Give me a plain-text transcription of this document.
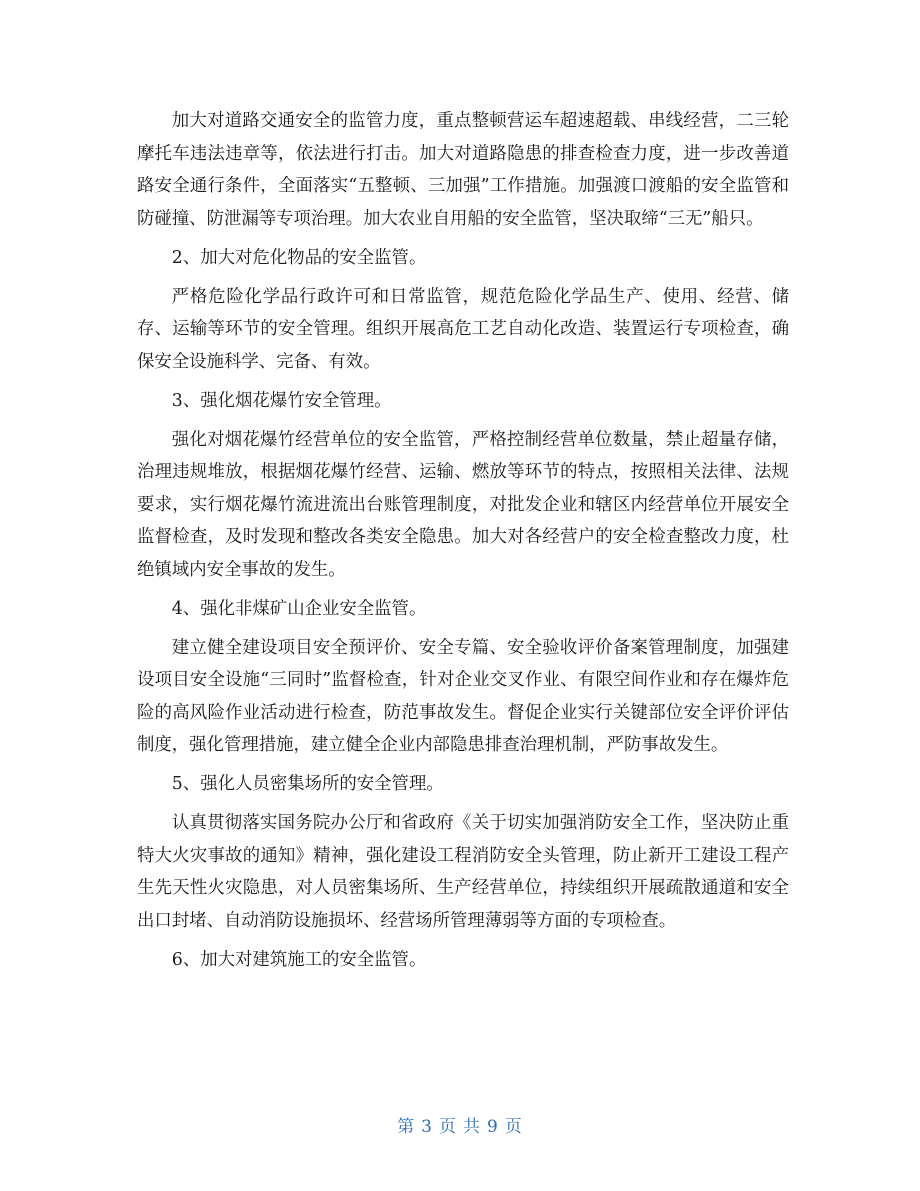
加大对道路交通安全的监管力度，重点整顿营运车超速超载、串线经营，二三轮摩托车违法违章等，依法进行打击。加大对道路隐患的排查检查力度，进一步改善道路安全通行条件，全面落实“五整顿、三加强”工作措施。加强渡口渡船的安全监管和防碰撞、防泄漏等专项治理。加大农业自用船的安全监管，坚决取缔“三无”船只。

2、加大对危化物品的安全监管。

严格危险化学品行政许可和日常监管，规范危险化学品生产、使用、经营、储存、运输等环节的安全管理。组织开展高危工艺自动化改造、装置运行专项检查，确保安全设施科学、完备、有效。

3、强化烟花爆竹安全管理。

强化对烟花爆竹经营单位的安全监管，严格控制经营单位数量，禁止超量存储，治理违规堆放，根据烟花爆竹经营、运输、燃放等环节的特点，按照相关法律、法规要求，实行烟花爆竹流进流出台账管理制度，对批发企业和辖区内经营单位开展安全监督检查，及时发现和整改各类安全隐患。加大对各经营户的安全检查整改力度，杜绝镇域内安全事故的发生。

4、强化非煤矿山企业安全监管。

建立健全建设项目安全预评价、安全专篇、安全验收评价备案管理制度，加强建设项目安全设施“三同时”监督检查，针对企业交叉作业、有限空间作业和存在爆炸危险的高风险作业活动进行检查，防范事故发生。督促企业实行关键部位安全评价评估制度，强化管理措施，建立健全企业内部隐患排查治理机制，严防事故发生。

5、强化人员密集场所的安全管理。

认真贯彻落实国务院办公厅和省政府《关于切实加强消防安全工作，坚决防止重特大火灾事故的通知》精神，强化建设工程消防安全头管理，防止新开工建设工程产生先天性火灾隐患，对人员密集场所、生产经营单位，持续组织开展疏散通道和安全出口封堵、自动消防设施损坏、经营场所管理薄弱等方面的专项检查。

6、加大对建筑施工的安全监管。

第 3 页 共 9 页
